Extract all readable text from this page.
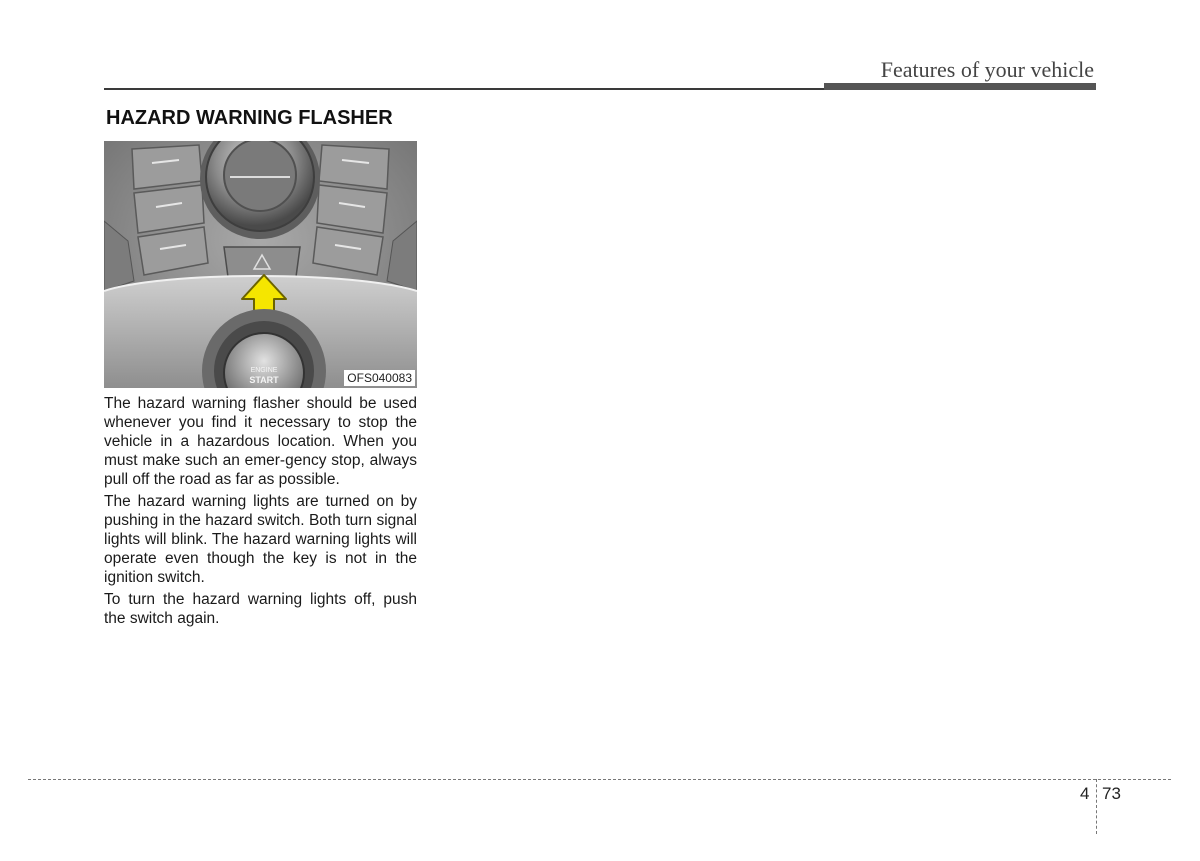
Features of your vehicle
HAZARD WARNING FLASHER
ENGINE
START	OFS040083

The hazard warning flasher should be used whenever you find it necessary to stop the vehicle in a hazardous location. When you must make such an emer-gency stop, always pull off the road as far as possible.

The hazard warning lights are turned on by pushing in the hazard switch. Both turn signal lights will blink. The hazard warning lights will operate even though the key is not in the ignition switch.

To turn the hazard warning lights off, push the switch again.

4 73
